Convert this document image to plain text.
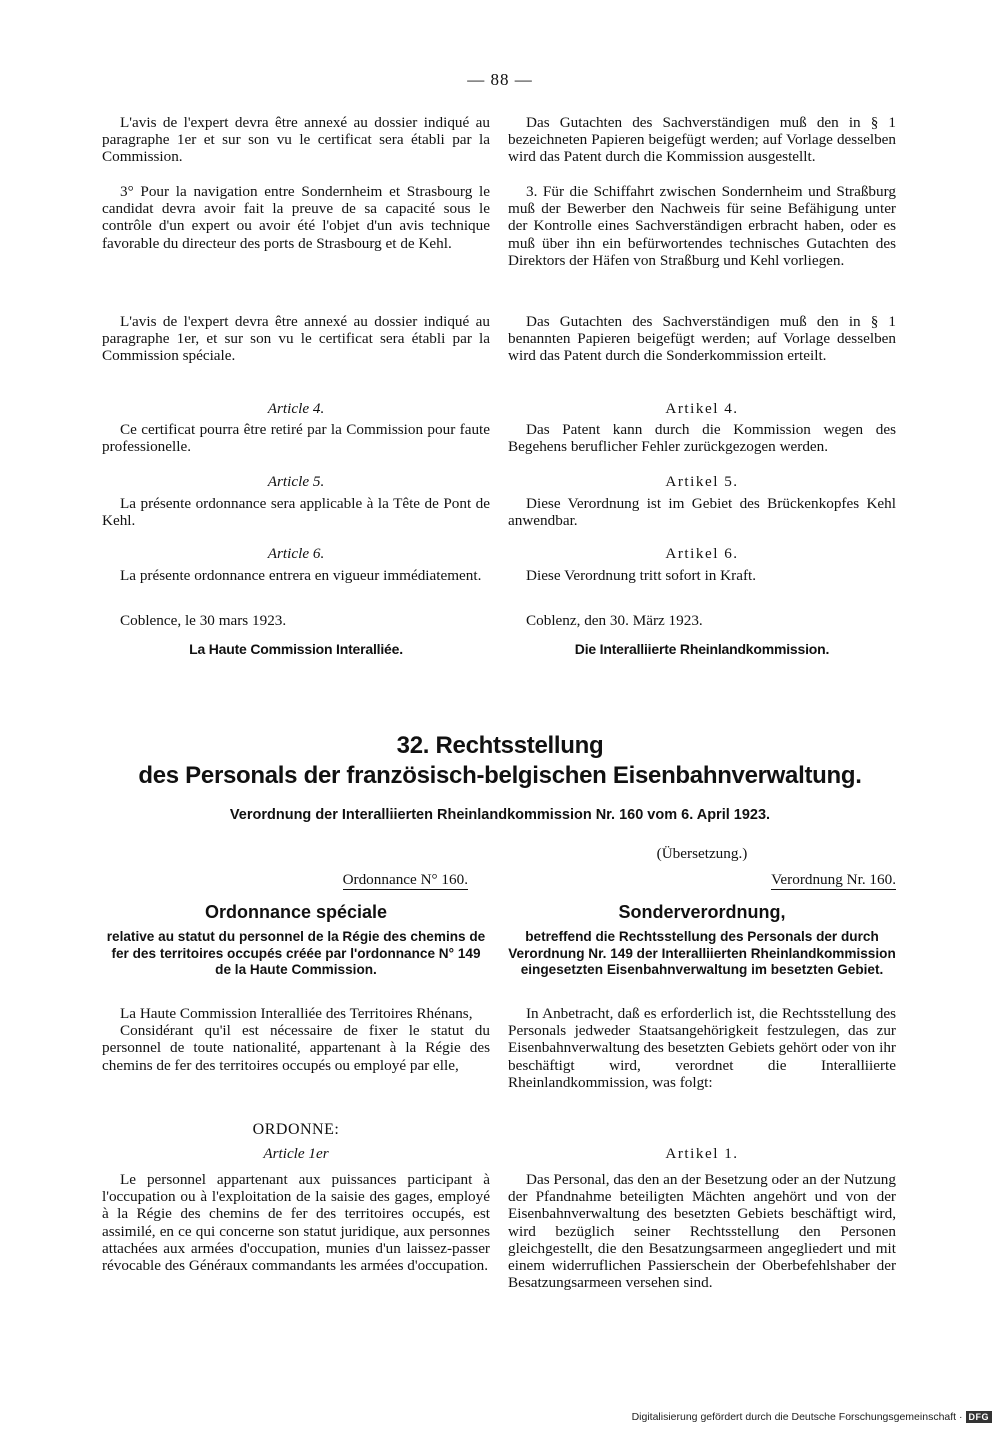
— 88 —

L'avis de l'expert devra être annexé au dossier indiqué au paragraphe 1er et sur son vu le certificat sera établi par la Commission.

3° Pour la navigation entre Sondernheim et Strasbourg le candidat devra avoir fait la preuve de sa capacité sous le contrôle d'un expert ou avoir été l'objet d'un avis technique favorable du directeur des ports de Strasbourg et de Kehl.

L'avis de l'expert devra être annexé au dossier indiqué au paragraphe 1er, et sur son vu le certificat sera établi par la Commission spéciale.

Article 4.

Ce certificat pourra être retiré par la Commission pour faute professionelle.

Article 5.

La présente ordonnance sera applicable à la Tête de Pont de Kehl.

Article 6.

La présente ordonnance entrera en vigueur immédiatement.

Coblence, le 30 mars 1923.

La Haute Commission Interalliée.

Das Gutachten des Sachverständigen muß den in § 1 bezeichneten Papieren beigefügt werden; auf Vorlage desselben wird das Patent durch die Kommission ausgestellt.

3. Für die Schiffahrt zwischen Sondernheim und Straßburg muß der Bewerber den Nachweis für seine Befähigung unter der Kontrolle eines Sachverständigen erbracht haben, oder es muß über ihn ein befürwortendes technisches Gutachten des Direktors der Häfen von Straßburg und Kehl vorliegen.

Das Gutachten des Sachverständigen muß den in § 1 benannten Papieren beigefügt werden; auf Vorlage desselben wird das Patent durch die Sonderkommission erteilt.

Artikel 4.

Das Patent kann durch die Kommission wegen des Begehens beruflicher Fehler zurückgezogen werden.

Artikel 5.

Diese Verordnung ist im Gebiet des Brückenkopfes Kehl anwendbar.

Artikel 6.

Diese Verordnung tritt sofort in Kraft.

Coblenz, den 30. März 1923.

Die Interalliierte Rheinlandkommission.

32. Rechtsstellung
des Personals der französisch-belgischen Eisenbahnverwaltung.
Verordnung der Interalliierten Rheinlandkommission Nr. 160 vom 6. April 1923.

(Übersetzung.)

Ordonnance N° 160.

Ordonnance spéciale

relative au statut du personnel de la Régie des chemins de fer des territoires occupés créée par l'ordonnance N° 149 de la Haute Commission.

La Haute Commission Interalliée des Territoires Rhénans,

Considérant qu'il est nécessaire de fixer le statut du personnel de toute nationalité, appartenant à la Régie des chemins de fer des territoires occupés ou employé par elle,

ORDONNE:

Article 1er

Le personnel appartenant aux puissances participant à l'occupation ou à l'exploitation de la saisie des gages, employé à la Régie des chemins de fer des territoires occupés, est assimilé, en ce qui concerne son statut juridique, aux personnes attachées aux armées d'occupation, munies d'un laissez-passer révocable des Généraux commandants les armées d'occupation.

Verordnung Nr. 160.

Sonderverordnung,

betreffend die Rechtsstellung des Personals der durch Verordnung Nr. 149 der Interalliierten Rheinlandkommission eingesetzten Eisenbahnverwaltung im besetzten Gebiet.

In Anbetracht, daß es erforderlich ist, die Rechtsstellung des Personals jedweder Staatsangehörigkeit festzulegen, das zur Eisenbahnverwaltung des besetzten Gebiets gehört oder von ihr beschäftigt wird, verordnet die Interalliierte Rheinlandkommission, was folgt:

Artikel 1.

Das Personal, das den an der Besetzung oder an der Nutzung der Pfandnahme beteiligten Mächten angehört und von der Eisenbahnverwaltung des besetzten Gebiets beschäftigt wird, wird bezüglich seiner Rechtsstellung den Personen gleichgestellt, die den Besatzungsarmeen angegliedert und mit einem widerruflichen Passierschein der Oberbefehlshaber der Besatzungsarmeen versehen sind.

Digitalisierung gefördert durch die Deutsche Forschungsgemeinschaft · DFG
